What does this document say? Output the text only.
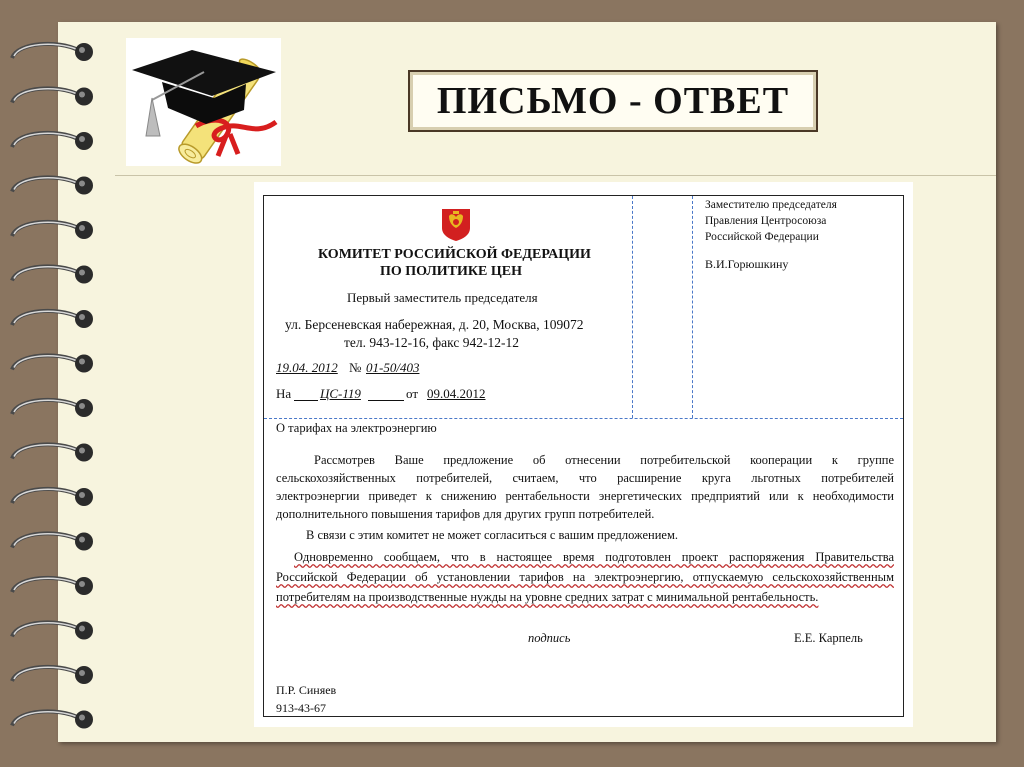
ПИСЬМО - ОТВЕТ
КОМИТЕТ РОССИЙСКОЙ ФЕДЕРАЦИИ
ПО ПОЛИТИКЕ ЦЕН
Первый заместитель председателя
ул. Берсеневская набережная, д. 20, Москва, 109072
тел. 943-12-16, факс 942-12-12
19.04. 2012 № 01-50/403
На ЦС-119	от 09.04.2012
Заместителю председателя
Правления Центросоюза
Российской Федерации
В.И.Горюшкину
О тарифах на электроэнергию
Рассмотрев Ваше предложение об отнесении потребительской кооперации к группе
сельскохозяйственных потребителей, считаем, что расширение круга льготных потребителей
электроэнергии приведет к снижению рентабельности энергетических предприятий или к необходимости
дополнительного повышения тарифов для других групп потребителей.
В связи с этим комитет не может согласиться с вашим предложением.
Одновременно сообщаем, что в настоящее время подготовлен проект распоряжения Правительства
Российской Федерации об установлении тарифов на электроэнергию, отпускаемую сельскохозяйственным
потребителям на производственные нужды на уровне средних затрат с минимальной рентабельность.
подпись	Е.Е. Карпель
П.Р. Синяев
913-43-67
